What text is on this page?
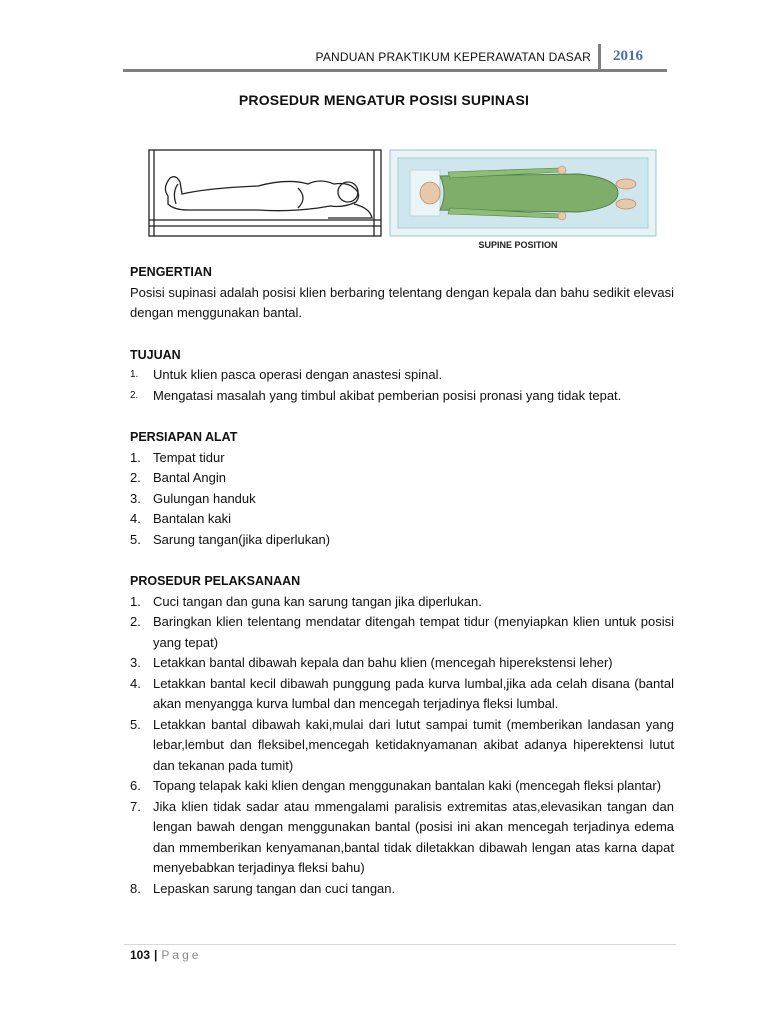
PANDUAN PRAKTIKUM KEPERAWATAN DASAR 2016
PROSEDUR MENGATUR POSISI SUPINASI
SUPINE POSITION
PENGERTIAN
Posisi supinasi adalah posisi klien berbaring telentang dengan kepala dan bahu sedikit elevasi dengan menggunakan bantal.
TUJUAN
1. Untuk klien pasca operasi dengan anastesi spinal.
2. Mengatasi masalah yang timbul akibat pemberian posisi pronasi yang tidak tepat.
PERSIAPAN ALAT
1. Tempat tidur
2. Bantal Angin
3. Gulungan handuk
4. Bantalan kaki
5. Sarung tangan(jika diperlukan)
PROSEDUR PELAKSANAAN
1. Cuci tangan dan guna kan sarung tangan jika diperlukan.
2. Baringkan klien telentang mendatar ditengah tempat tidur (menyiapkan klien untuk posisi yang tepat)
3. Letakkan bantal dibawah kepala dan bahu klien (mencegah hiperekstensi leher)
4. Letakkan bantal kecil dibawah punggung pada kurva lumbal,jika ada celah disana (bantal akan menyangga kurva lumbal dan mencegah terjadinya fleksi lumbal.
5. Letakkan bantal dibawah kaki,mulai dari lutut sampai tumit (memberikan landasan yang lebar,lembut dan fleksibel,mencegah ketidaknyamanan akibat adanya hiperektensi lutut dan tekanan pada tumit)
6. Topang telapak kaki klien dengan menggunakan bantalan kaki (mencegah fleksi plantar)
7. Jika klien tidak sadar atau mmengalami paralisis extremitas atas,elevasikan tangan dan lengan bawah dengan menggunakan bantal (posisi ini akan mencegah terjadinya edema dan mmemberikan kenyamanan,bantal tidak diletakkan dibawah lengan atas karna dapat menyebabkan terjadinya fleksi bahu)
8. Lepaskan sarung tangan dan cuci tangan.
103 | Page
